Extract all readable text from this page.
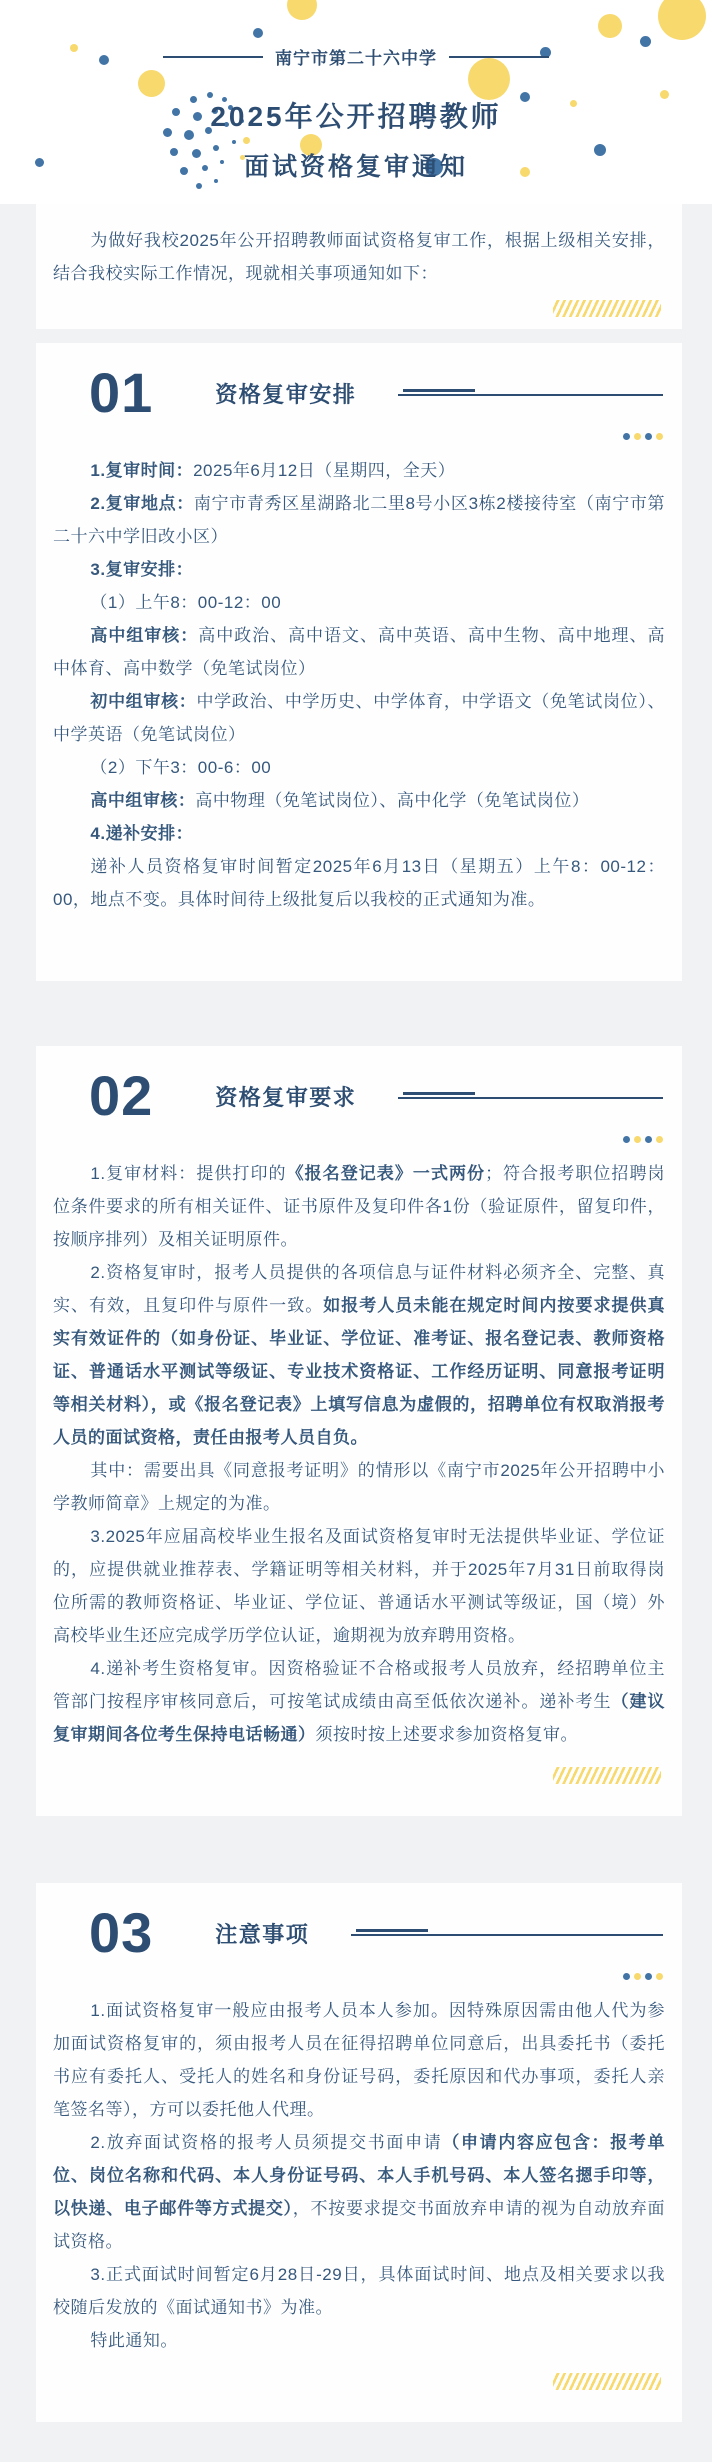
南宁市第二十六中学
2025年公开招聘教师
面试资格复审通知

为做好我校2025年公开招聘教师面试资格复审工作，根据上级相关安排，结合我校实际工作情况，现就相关事项通知如下：

01	资格复审安排

1.复审时间：2025年6月12日（星期四，全天）

2.复审地点：南宁市青秀区星湖路北二里8号小区3栋2楼接待室（南宁市第二十六中学旧改小区）

3.复审安排：

（1）上午8：00-12：00

高中组审核：高中政治、高中语文、高中英语、高中生物、高中地理、高中体育、高中数学（免笔试岗位）

初中组审核：中学政治、中学历史、中学体育，中学语文（免笔试岗位）、中学英语（免笔试岗位）

（2）下午3：00-6：00

高中组审核：高中物理（免笔试岗位）、高中化学（免笔试岗位）

4.递补安排：

递补人员资格复审时间暂定2025年6月13日（星期五）上午8：00-12：00，地点不变。具体时间待上级批复后以我校的正式通知为准。

02	资格复审要求

1.复审材料：提供打印的《报名登记表》一式两份；符合报考职位招聘岗位条件要求的所有相关证件、证书原件及复印件各1份（验证原件，留复印件，按顺序排列）及相关证明原件。

2.资格复审时，报考人员提供的各项信息与证件材料必须齐全、完整、真实、有效，且复印件与原件一致。如报考人员未能在规定时间内按要求提供真实有效证件的（如身份证、毕业证、学位证、准考证、报名登记表、教师资格证、普通话水平测试等级证、专业技术资格证、工作经历证明、同意报考证明等相关材料），或《报名登记表》上填写信息为虚假的，招聘单位有权取消报考人员的面试资格，责任由报考人员自负。

其中：需要出具《同意报考证明》的情形以《南宁市2025年公开招聘中小学教师简章》上规定的为准。

3.2025年应届高校毕业生报名及面试资格复审时无法提供毕业证、学位证的，应提供就业推荐表、学籍证明等相关材料，并于2025年7月31日前取得岗位所需的教师资格证、毕业证、学位证、普通话水平测试等级证，国（境）外高校毕业生还应完成学历学位认证，逾期视为放弃聘用资格。

4.递补考生资格复审。因资格验证不合格或报考人员放弃，经招聘单位主管部门按程序审核同意后，可按笔试成绩由高至低依次递补。递补考生（建议复审期间各位考生保持电话畅通）须按时按上述要求参加资格复审。

03	注意事项

1.面试资格复审一般应由报考人员本人参加。因特殊原因需由他人代为参加面试资格复审的，须由报考人员在征得招聘单位同意后，出具委托书（委托书应有委托人、受托人的姓名和身份证号码，委托原因和代办事项，委托人亲笔签名等），方可以委托他人代理。

2.放弃面试资格的报考人员须提交书面申请（申请内容应包含：报考单位、岗位名称和代码、本人身份证号码、本人手机号码、本人签名摁手印等，以快递、电子邮件等方式提交），不按要求提交书面放弃申请的视为自动放弃面试资格。

3.正式面试时间暂定6月28日-29日，具体面试时间、地点及相关要求以我校随后发放的《面试通知书》为准。

特此通知。
